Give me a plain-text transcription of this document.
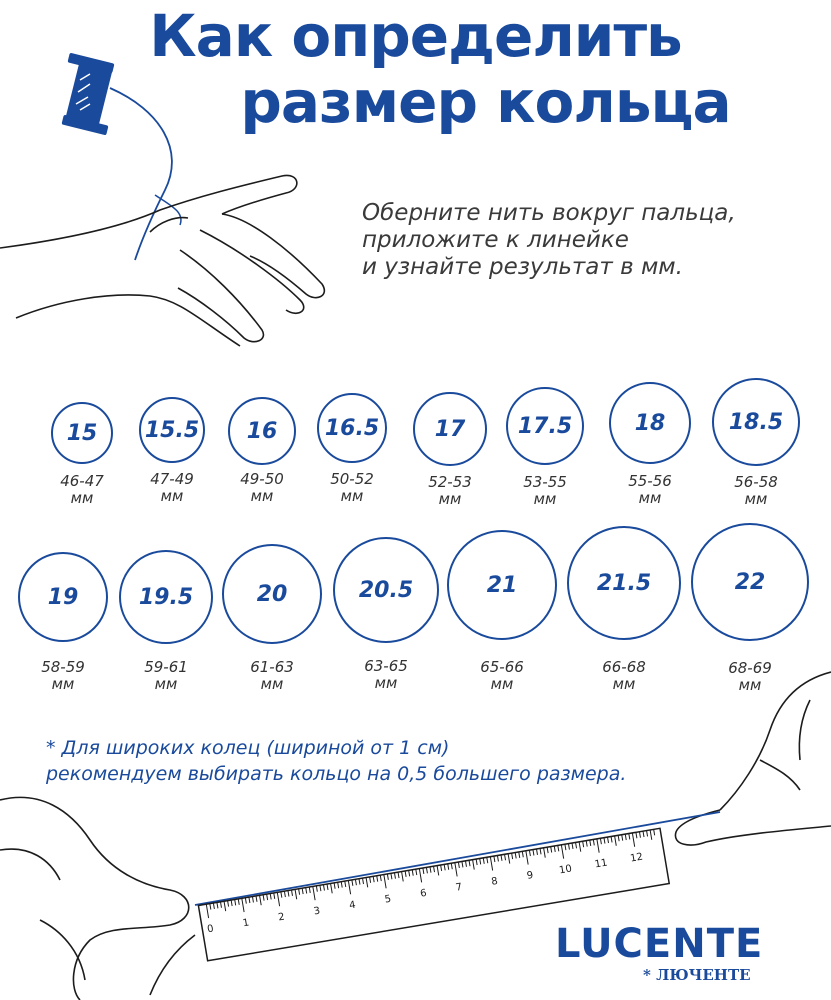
Как определить
размер кольца
0	1	2	3	4	5	6	7	8	9 10 11 12
Оберните нить вокруг пальца,
приложите к линейке
и узнайте результат в мм.
15
46-47
мм
15.5
47-49
мм
16
49-50
мм
16.5
50-52
мм
17
52-53
мм
17.5
53-55
мм
18
55-56
мм
18.5
56-58
мм
19
58-59
мм
19.5
59-61
мм
20
61-63
мм
20.5
63-65
мм
21
65-66
мм
21.5
66-68
мм
22
68-69
мм
* Для широких колец (шириной от 1 см)
рекомендуем выбирать кольцо на 0,5 большего размера.
LUCENTE
* ЛЮЧЕНТЕ
